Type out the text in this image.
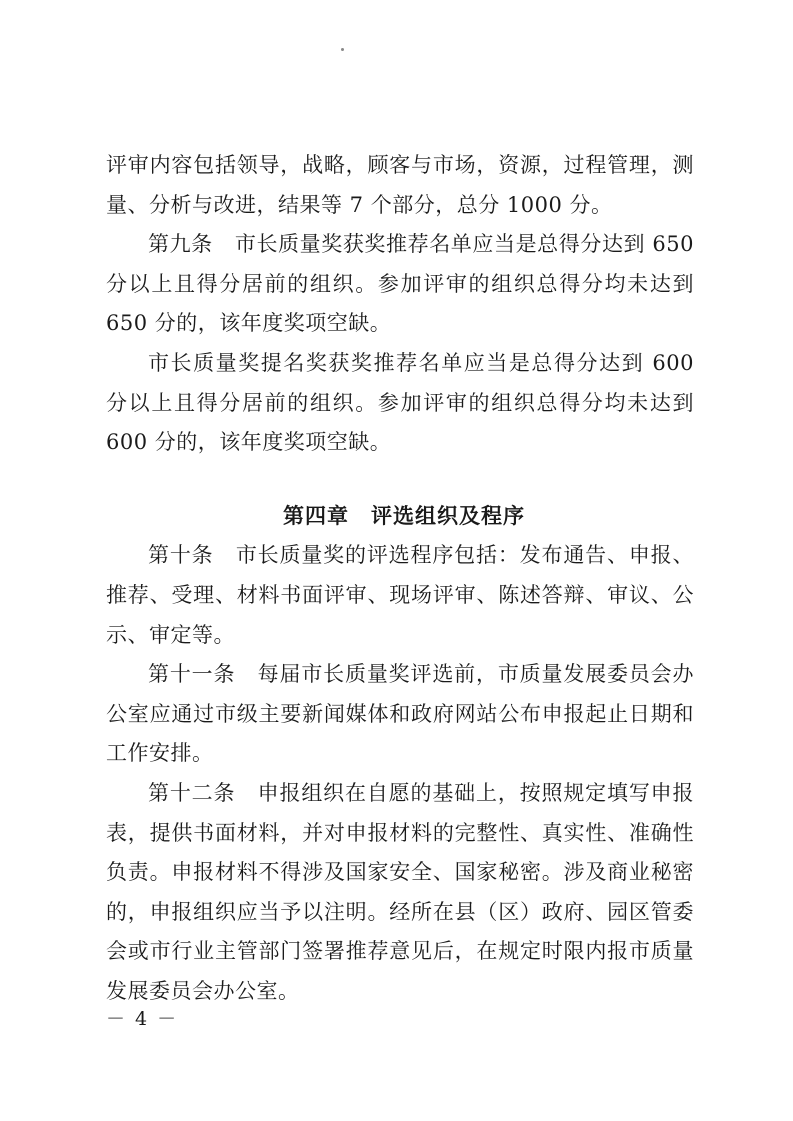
评审内容包括领导，战略，顾客与市场，资源，过程管理，测量、分析与改进，结果等 7 个部分，总分 1000 分。

第九条 市长质量奖获奖推荐名单应当是总得分达到 650 分以上且得分居前的组织。参加评审的组织总得分均未达到 650 分的，该年度奖项空缺。

市长质量奖提名奖获奖推荐名单应当是总得分达到 600 分以上且得分居前的组织。参加评审的组织总得分均未达到 600 分的，该年度奖项空缺。

第四章 评选组织及程序

第十条 市长质量奖的评选程序包括：发布通告、申报、推荐、受理、材料书面评审、现场评审、陈述答辩、审议、公示、审定等。

第十一条 每届市长质量奖评选前，市质量发展委员会办公室应通过市级主要新闻媒体和政府网站公布申报起止日期和工作安排。

第十二条 申报组织在自愿的基础上，按照规定填写申报表，提供书面材料，并对申报材料的完整性、真实性、准确性负责。申报材料不得涉及国家安全、国家秘密。涉及商业秘密的，申报组织应当予以注明。经所在县（区）政府、园区管委会或市行业主管部门签署推荐意见后，在规定时限内报市质量发展委员会办公室。

－ 4 －
